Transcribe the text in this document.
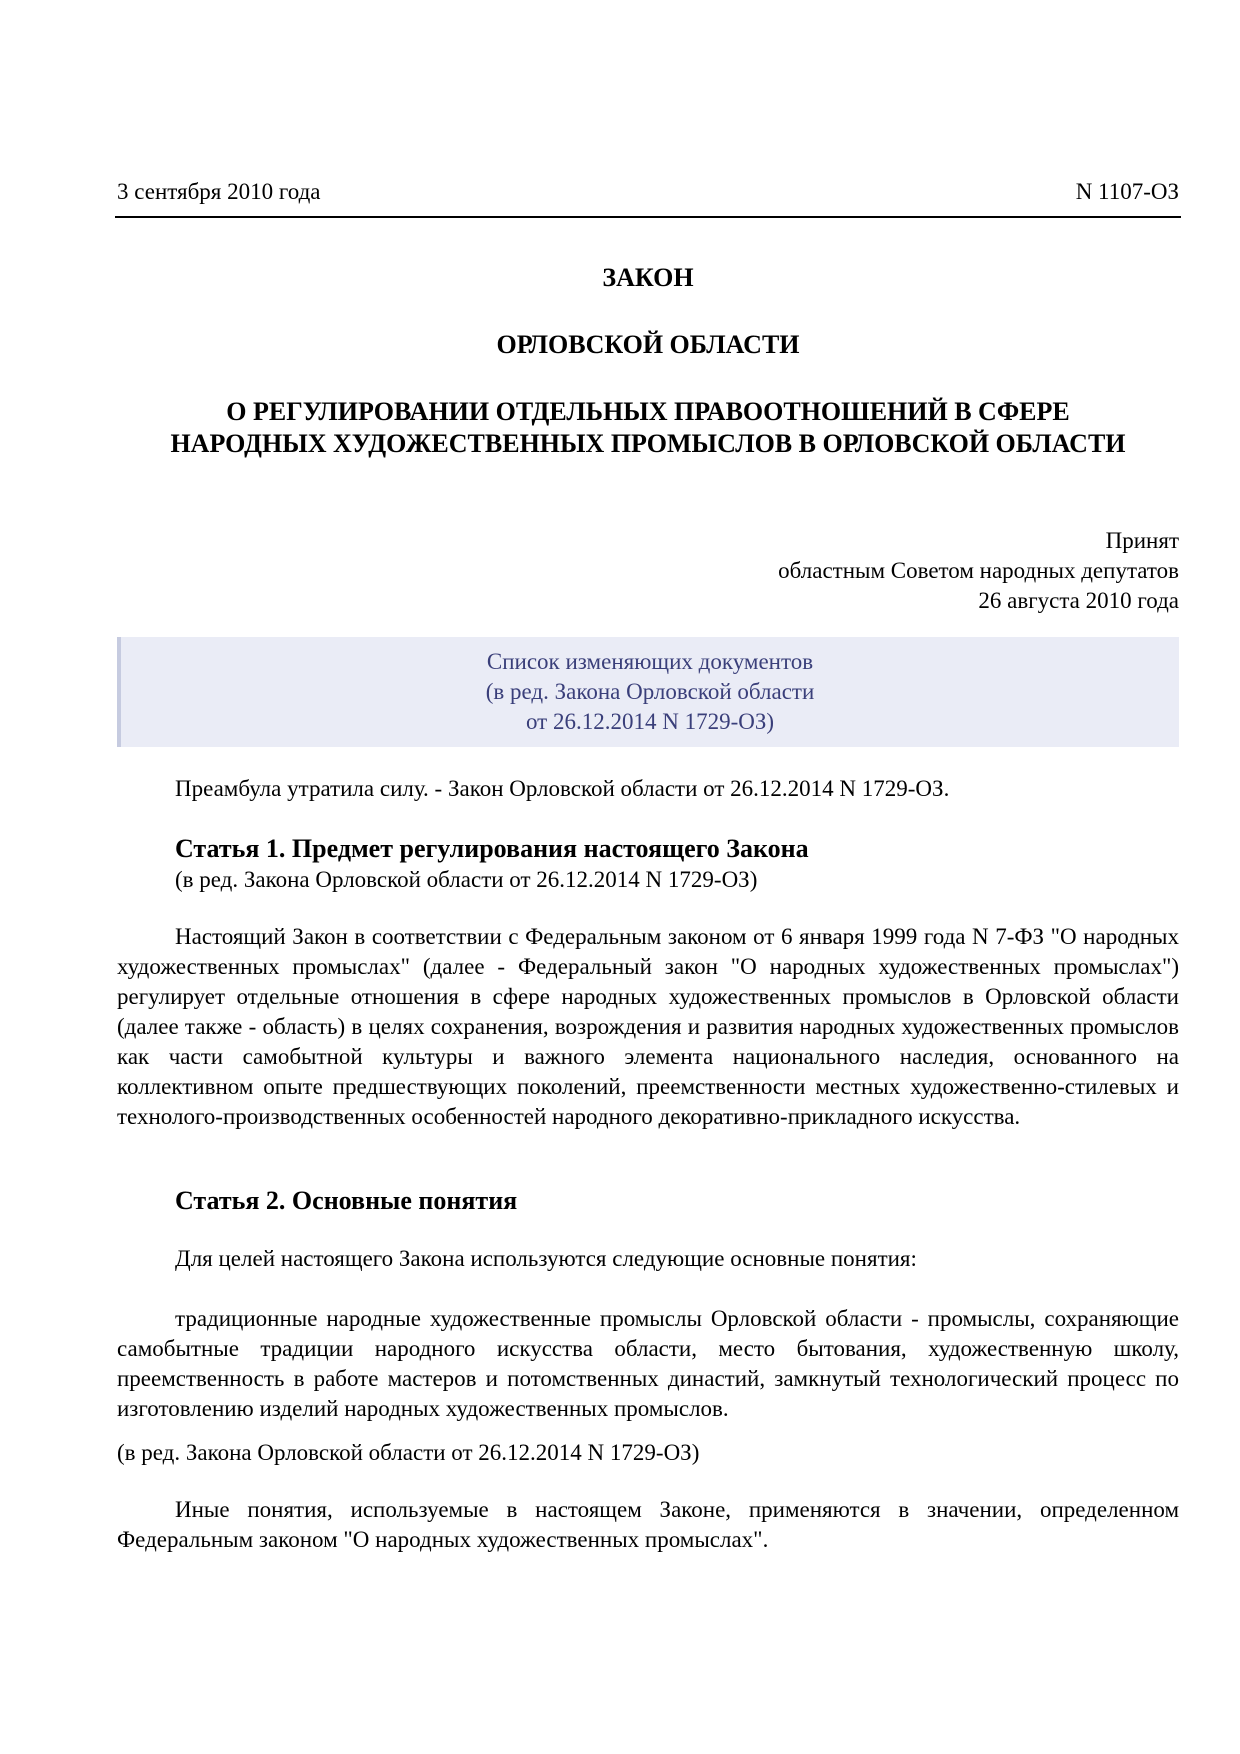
3 сентября 2010 года	N 1107-ОЗ
ЗАКОН
ОРЛОВСКОЙ ОБЛАСТИ
О РЕГУЛИРОВАНИИ ОТДЕЛЬНЫХ ПРАВООТНОШЕНИЙ В СФЕРЕ НАРОДНЫХ ХУДОЖЕСТВЕННЫХ ПРОМЫСЛОВ В ОРЛОВСКОЙ ОБЛАСТИ
Принят
областным Советом народных депутатов
26 августа 2010 года
Список изменяющих документов
(в ред. Закона Орловской области
от 26.12.2014 N 1729-ОЗ)

Преамбула утратила силу. - Закон Орловской области от 26.12.2014 N 1729-ОЗ.

Статья 1. Предмет регулирования настоящего Закона
(в ред. Закона Орловской области от 26.12.2014 N 1729-ОЗ)

Настоящий Закон в соответствии с Федеральным законом от 6 января 1999 года N 7-ФЗ "О народных художественных промыслах" (далее - Федеральный закон "О народных художественных промыслах") регулирует отдельные отношения в сфере народных художественных промыслов в Орловской области (далее также - область) в целях сохранения, возрождения и развития народных художественных промыслов как части самобытной культуры и важного элемента национального наследия, основанного на коллективном опыте предшествующих поколений, преемственности местных художественно-стилевых и технолого-производственных особенностей народного декоративно-прикладного искусства.

Статья 2. Основные понятия

Для целей настоящего Закона используются следующие основные понятия:

традиционные народные художественные промыслы Орловской области - промыслы, сохраняющие самобытные традиции народного искусства области, место бытования, художественную школу, преемственность в работе мастеров и потомственных династий, замкнутый технологический процесс по изготовлению изделий народных художественных промыслов.

(в ред. Закона Орловской области от 26.12.2014 N 1729-ОЗ)

Иные понятия, используемые в настоящем Законе, применяются в значении, определенном Федеральным законом "О народных художественных промыслах".
